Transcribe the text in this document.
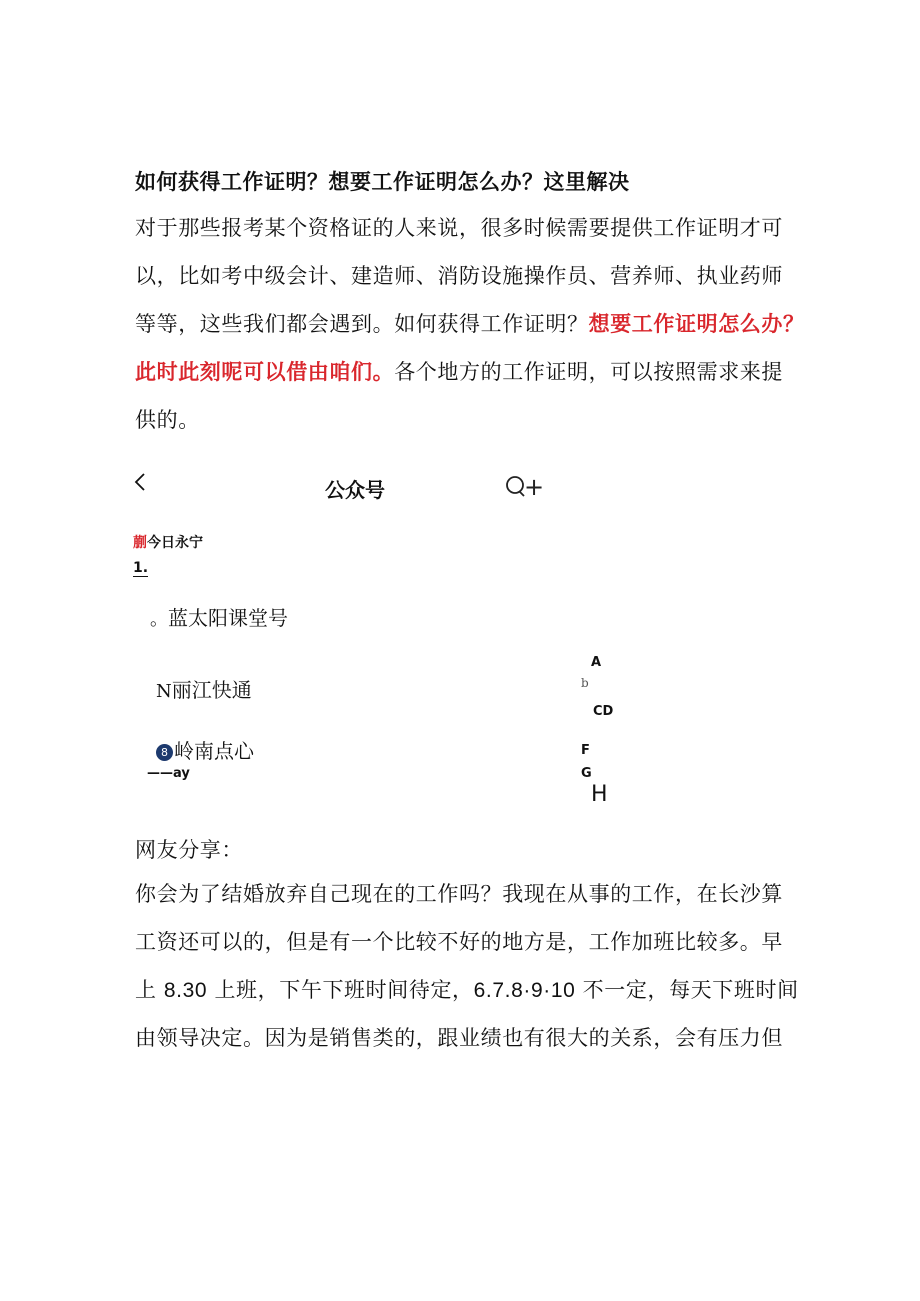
如何获得工作证明？想要工作证明怎么办？这里解决
对于那些报考某个资格证的人来说，很多时候需要提供工作证明才可
以，比如考中级会计、建造师、消防设施操作员、营养师、执业药师
等等，这些我们都会遇到。如何获得工作证明？想要工作证明怎么办？
此时此刻呢可以借由咱们。各个地方的工作证明，可以按照需求来提
供的。
公众号	+
蒯今日永宁
1.
。蓝太阳课堂号
N丽江快通
8 岭南点心
——ay
A
b
CD
F
G
H
网友分享：
你会为了结婚放弃自己现在的工作吗？我现在从事的工作，在长沙算
工资还可以的，但是有一个比较不好的地方是，工作加班比较多。早
上 8.30 上班，下午下班时间待定，6.7.8·9·10 不一定，每天下班时间
由领导决定。因为是销售类的，跟业绩也有很大的关系，会有压力但
